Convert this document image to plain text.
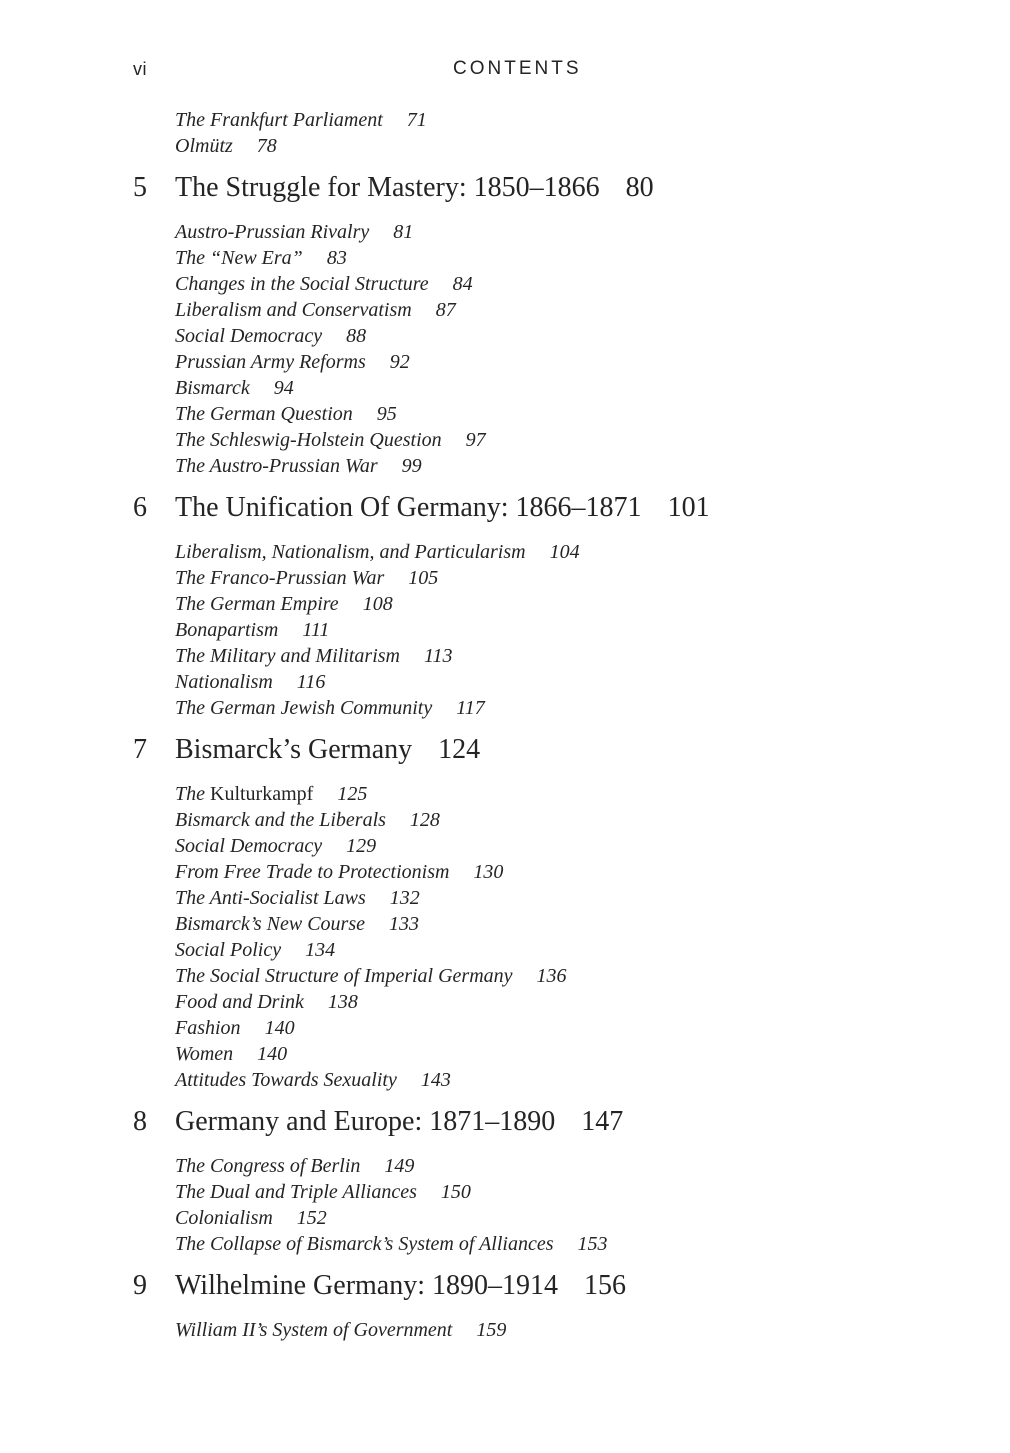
vi	CONTENTS
The Frankfurt Parliament 71
Olmütz 78
5 The Struggle for Mastery: 1850–1866 80
Austro-Prussian Rivalry 81
The “New Era” 83
Changes in the Social Structure 84
Liberalism and Conservatism 87
Social Democracy 88
Prussian Army Reforms 92
Bismarck 94
The German Question 95
The Schleswig-Holstein Question 97
The Austro-Prussian War 99
6 The Unification Of Germany: 1866–1871 101
Liberalism, Nationalism, and Particularism 104
The Franco-Prussian War 105
The German Empire 108
Bonapartism 111
The Military and Militarism 113
Nationalism 116
The German Jewish Community 117
7 Bismarck’s Germany 124
The Kulturkampf 125
Bismarck and the Liberals 128
Social Democracy 129
From Free Trade to Protectionism 130
The Anti-Socialist Laws 132
Bismarck’s New Course 133
Social Policy 134
The Social Structure of Imperial Germany 136
Food and Drink 138
Fashion 140
Women 140
Attitudes Towards Sexuality 143
8 Germany and Europe: 1871–1890 147
The Congress of Berlin 149
The Dual and Triple Alliances 150
Colonialism 152
The Collapse of Bismarck’s System of Alliances 153
9 Wilhelmine Germany: 1890–1914 156
William II’s System of Government 159
